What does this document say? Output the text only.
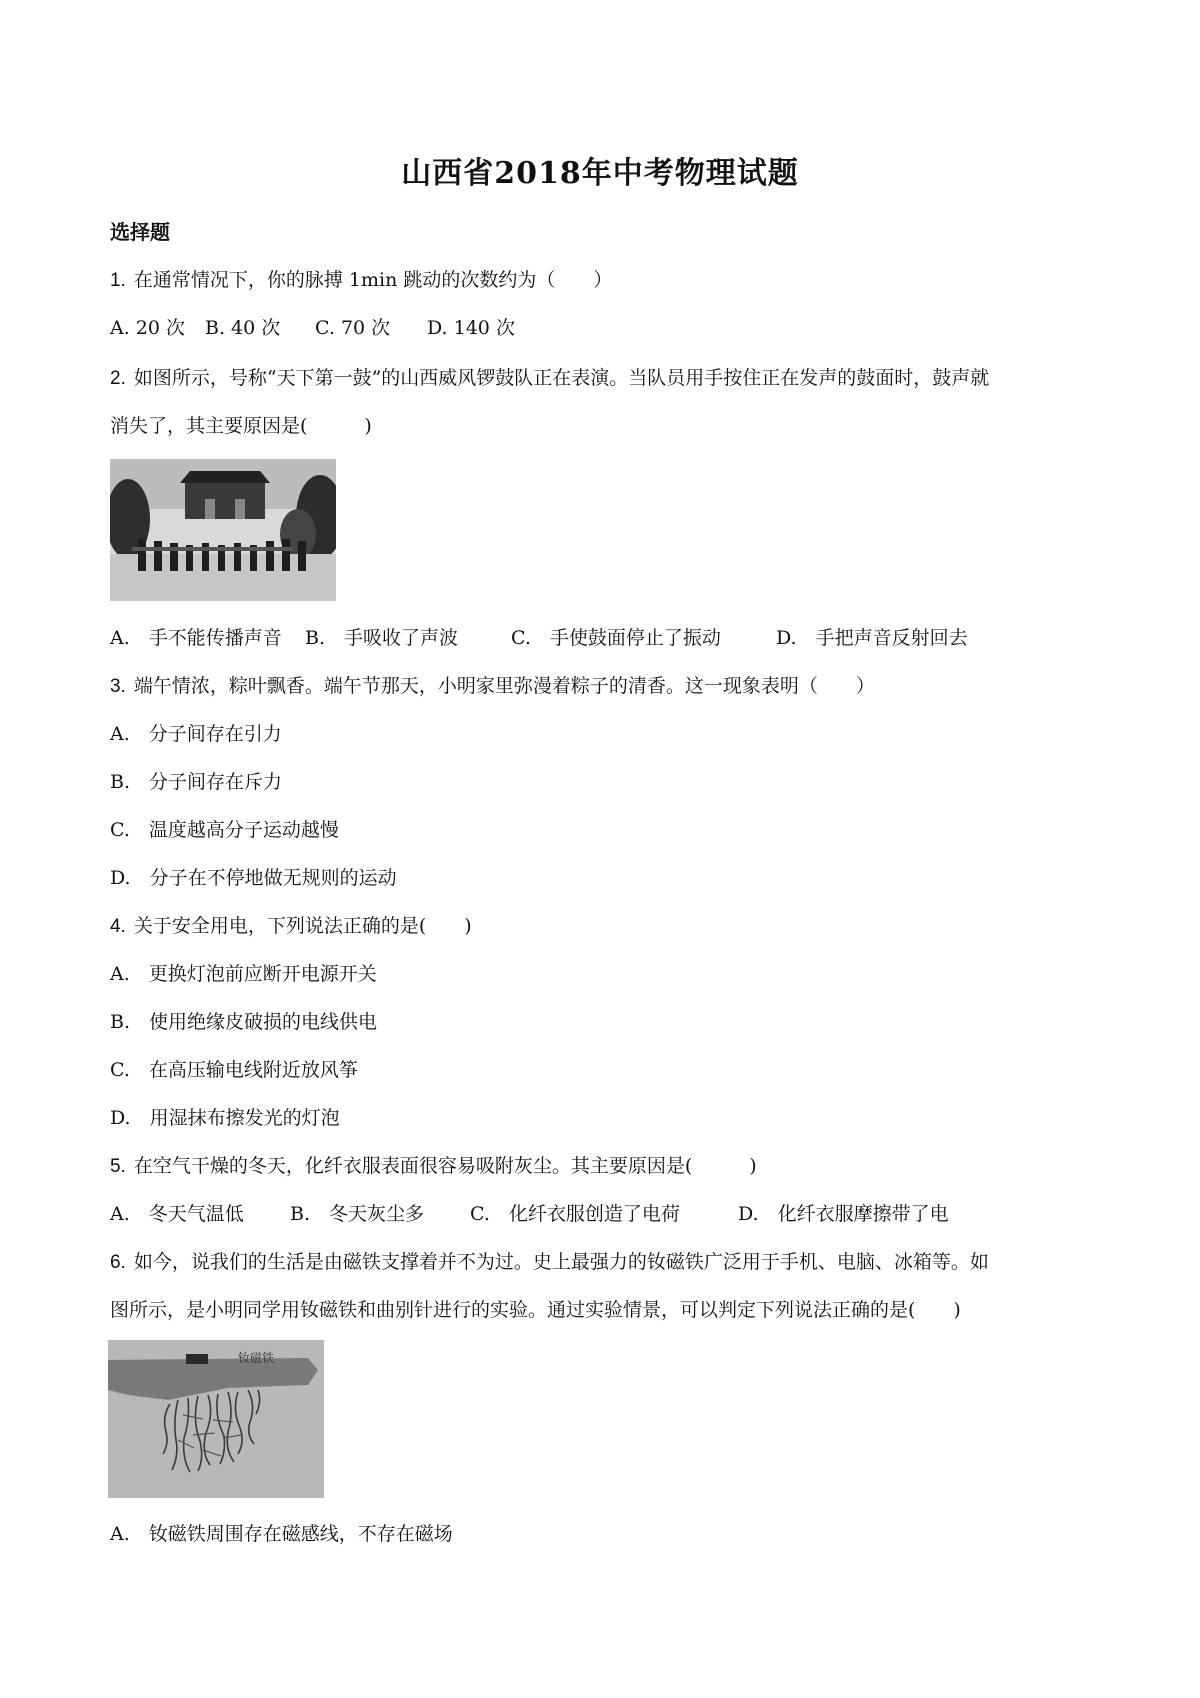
山西省2018年中考物理试题
选择题
1. 在通常情况下，你的脉搏 1min 跳动的次数约为（　　）
A. 20 次 B. 40 次 C. 70 次 D. 140 次
2. 如图所示，号称“天下第一鼓”的山西威风锣鼓队正在表演。当队员用手按住正在发声的鼓面时，鼓声就
消失了，其主要原因是(　　　)
A.　手不能传播声音 B.　手吸收了声波	C.　手使鼓面停止了振动	D.　手把声音反射回去
3. 端午情浓，粽叶飘香。端午节那天，小明家里弥漫着粽子的清香。这一现象表明（　　）
A.　分子间存在引力
B.　分子间存在斥力
C.　温度越高分子运动越慢
D.　分子在不停地做无规则的运动
4. 关于安全用电，下列说法正确的是(　　)
A.　更换灯泡前应断开电源开关
B.　使用绝缘皮破损的电线供电
C.　在高压输电线附近放风筝
D.　用湿抹布擦发光的灯泡
5. 在空气干燥的冬天，化纤衣服表面很容易吸附灰尘。其主要原因是(　　　)
A.　冬天气温低 B.　冬天灰尘多 C.　化纤衣服创造了电荷	D.　化纤衣服摩擦带了电
6. 如今，说我们的生活是由磁铁支撑着并不为过。史上最强力的钕磁铁广泛用于手机、电脑、冰箱等。如
图所示，是小明同学用钕磁铁和曲别针进行的实验。通过实验情景，可以判定下列说法正确的是(　　)
钕磁铁
A.　钕磁铁周围存在磁感线，不存在磁场
